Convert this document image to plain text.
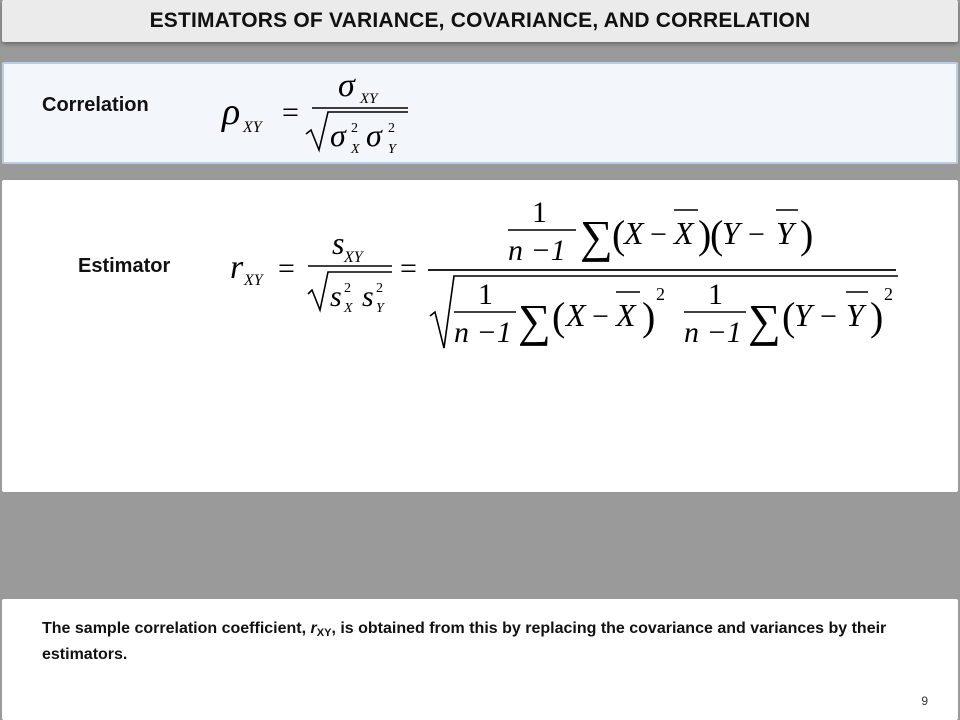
ESTIMATORS OF VARIANCE, COVARIANCE, AND CORRELATION
Correlation ρ XY =
σ XY
σ 2
X σ 2
Y
Estimator r XY =
s XY
s 2
X s 2
Y
=
1
n −1 ∑ (
X − X )
(
Y − Y )
1
n −1 ∑ ( X − X ) 2 1
n −1 ∑ (
Y − Y ) 2
The sample correlation coefficient, $r_{XY}$, is obtained from this by replacing the covariance and variances by their estimators.
9
